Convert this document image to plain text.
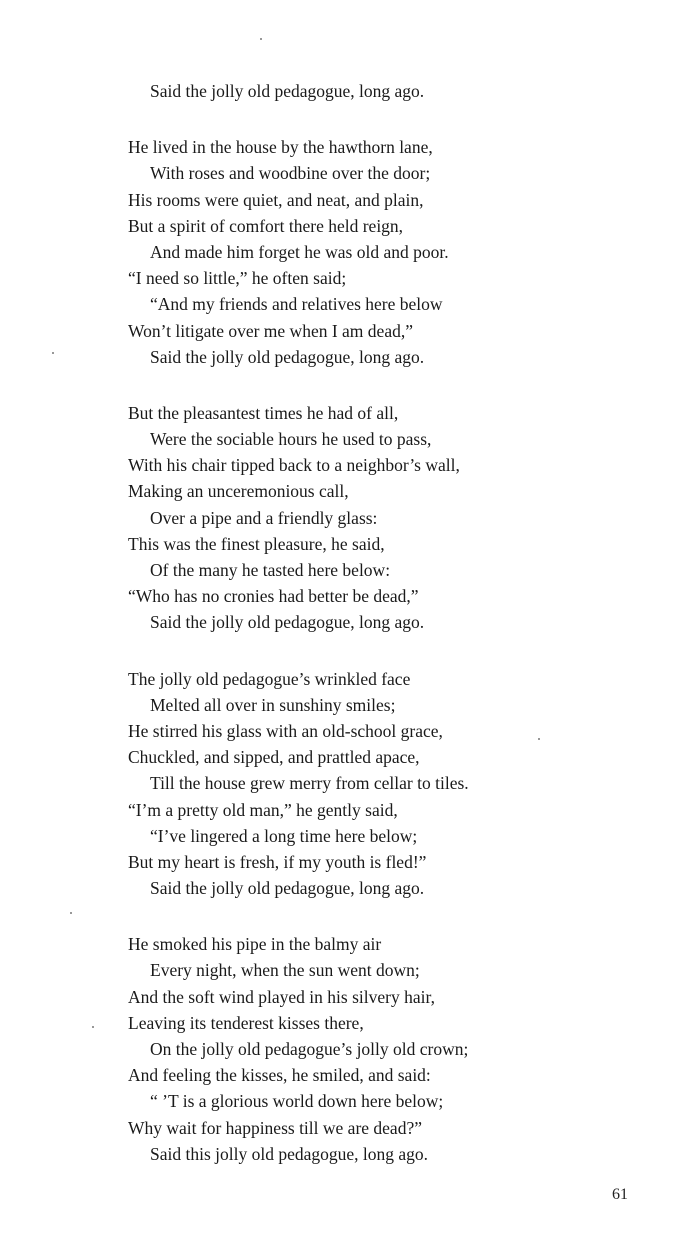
Said the jolly old pedagogue, long ago.
He lived in the house by the hawthorn lane,
With roses and woodbine over the door;
His rooms were quiet, and neat, and plain,
But a spirit of comfort there held reign,
And made him forget he was old and poor.
“I need so little,” he often said;
“And my friends and relatives here below
Won’t litigate over me when I am dead,”
Said the jolly old pedagogue, long ago.
But the pleasantest times he had of all,
Were the sociable hours he used to pass,
With his chair tipped back to a neighbor’s wall,
Making an unceremonious call,
Over a pipe and a friendly glass:
This was the finest pleasure, he said,
Of the many he tasted here below:
“Who has no cronies had better be dead,”
Said the jolly old pedagogue, long ago.
The jolly old pedagogue’s wrinkled face
Melted all over in sunshiny smiles;
He stirred his glass with an old-school grace,
Chuckled, and sipped, and prattled apace,
Till the house grew merry from cellar to tiles.
“I’m a pretty old man,” he gently said,
“I’ve lingered a long time here below;
But my heart is fresh, if my youth is fled!”
Said the jolly old pedagogue, long ago.
He smoked his pipe in the balmy air
Every night, when the sun went down;
And the soft wind played in his silvery hair,
Leaving its tenderest kisses there,
On the jolly old pedagogue’s jolly old crown;
And feeling the kisses, he smiled, and said:
“ ’T is a glorious world down here below;
Why wait for happiness till we are dead?”
Said this jolly old pedagogue, long ago.
61
